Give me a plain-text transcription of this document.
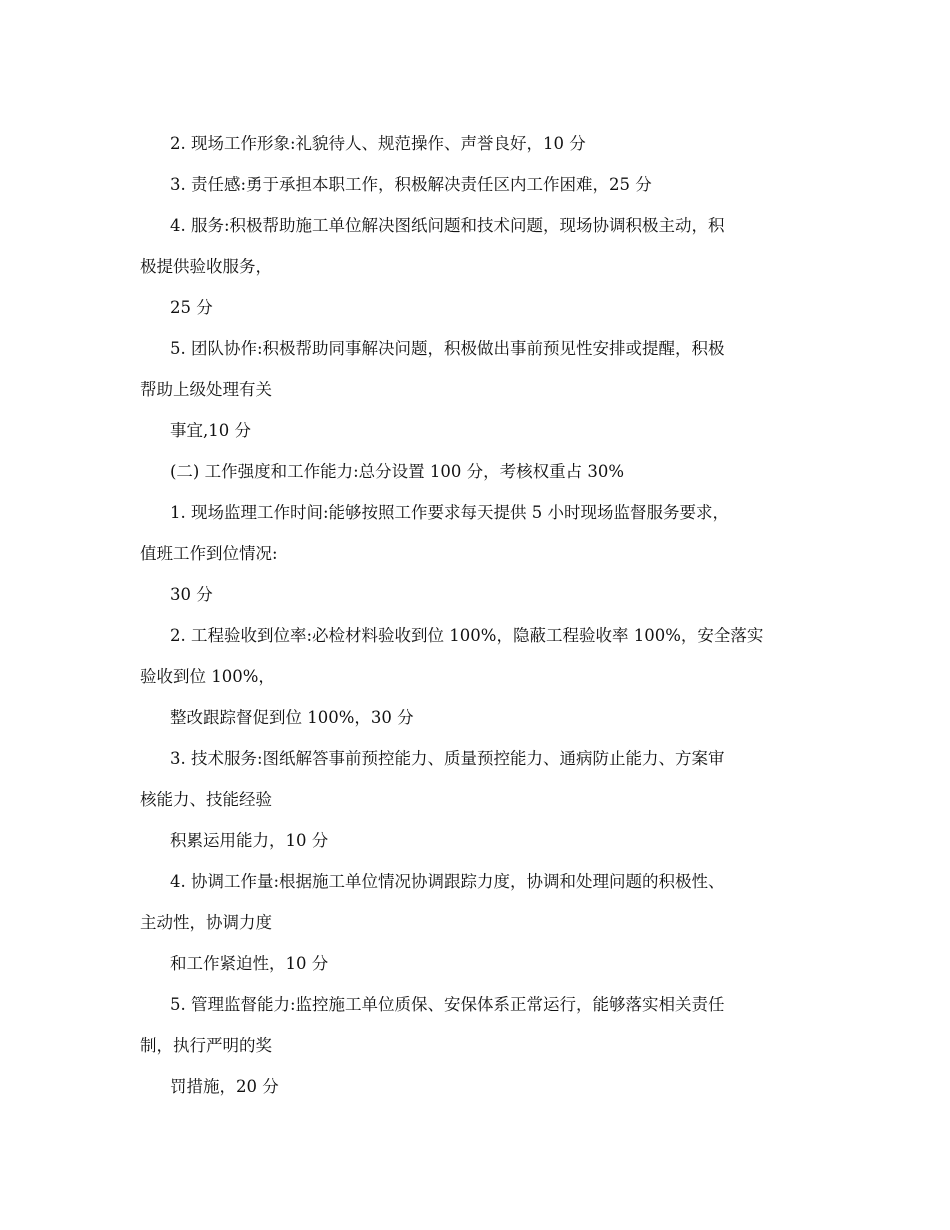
2. 现场工作形象:礼貌待人、规范操作、声誉良好，10 分
3. 责任感:勇于承担本职工作，积极解决责任区内工作困难，25 分
4. 服务:积极帮助施工单位解决图纸问题和技术问题，现场协调积极主动，积
极提供验收服务，
25 分
5. 团队协作:积极帮助同事解决问题，积极做出事前预见性安排或提醒，积极
帮助上级处理有关
事宜,10 分
(二) 工作强度和工作能力:总分设置 100 分，考核权重占 30%
1. 现场监理工作时间:能够按照工作要求每天提供 5 小时现场监督服务要求，
值班工作到位情况:
30 分
2. 工程验收到位率:必检材料验收到位 100%，隐蔽工程验收率 100%，安全落实
验收到位 100%，
整改跟踪督促到位 100%，30 分
3. 技术服务:图纸解答事前预控能力、质量预控能力、通病防止能力、方案审
核能力、技能经验
积累运用能力，10 分
4. 协调工作量:根据施工单位情况协调跟踪力度，协调和处理问题的积极性、
主动性，协调力度
和工作紧迫性，10 分
5. 管理监督能力:监控施工单位质保、安保体系正常运行，能够落实相关责任
制，执行严明的奖
罚措施，20 分
